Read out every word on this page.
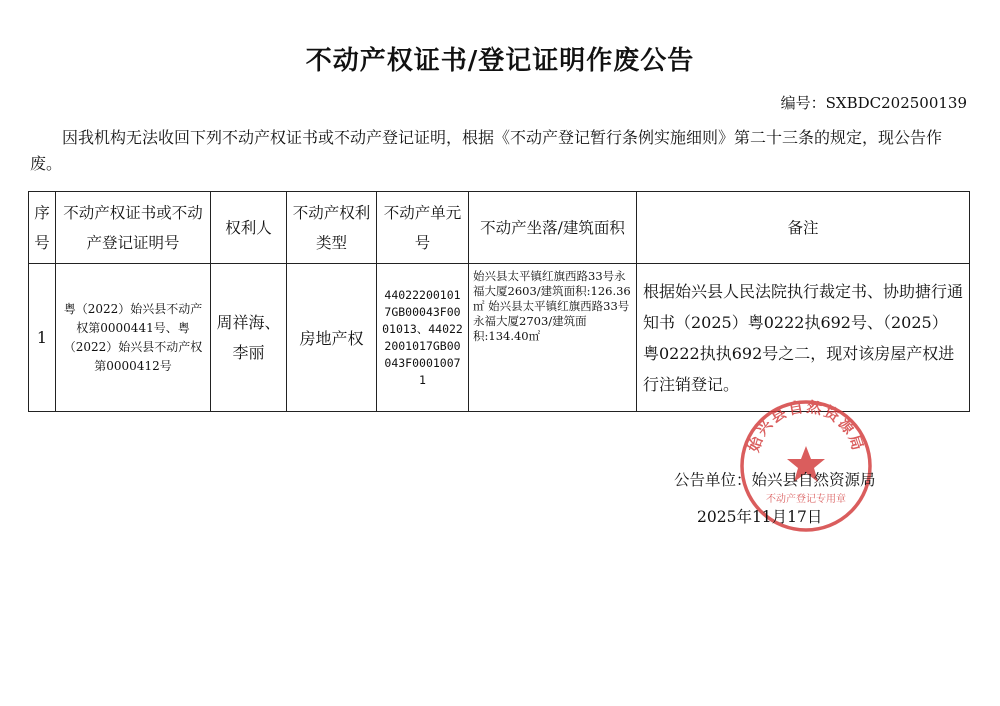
不动产权证书/登记证明作废公告
编号：SXBDC202500139
因我机构无法收回下列不动产权证书或不动产登记证明，根据《不动产登记暂行条例实施细则》第二十三条的规定，现公告作废。
序号	不动产权证书或不动产登记证明号	权利人	不动产权利类型	不动产单元号	不动产坐落/建筑面积	备注
1	粤（2022）始兴县不动产权第0000441号、粤（2022）始兴县不动产权第0000412号	周祥海、李丽	房地产权	440222001017GB00043F0001013、440222001017GB00043F00010071	始兴县太平镇红旗西路33号永福大厦2603/建筑面积:126.36㎡ 始兴县太平镇红旗西路33号永福大厦2703/建筑面积:134.40㎡	根据始兴县人民法院执行裁定书、协助搪行通知书（2025）粤0222执692号、（2025）粤0222执执692号之二，现对该房屋产权进行注销登记。
始兴县自然资源局
不动产登记专用章
公告单位：始兴县自然资源局
2025年11月17日
